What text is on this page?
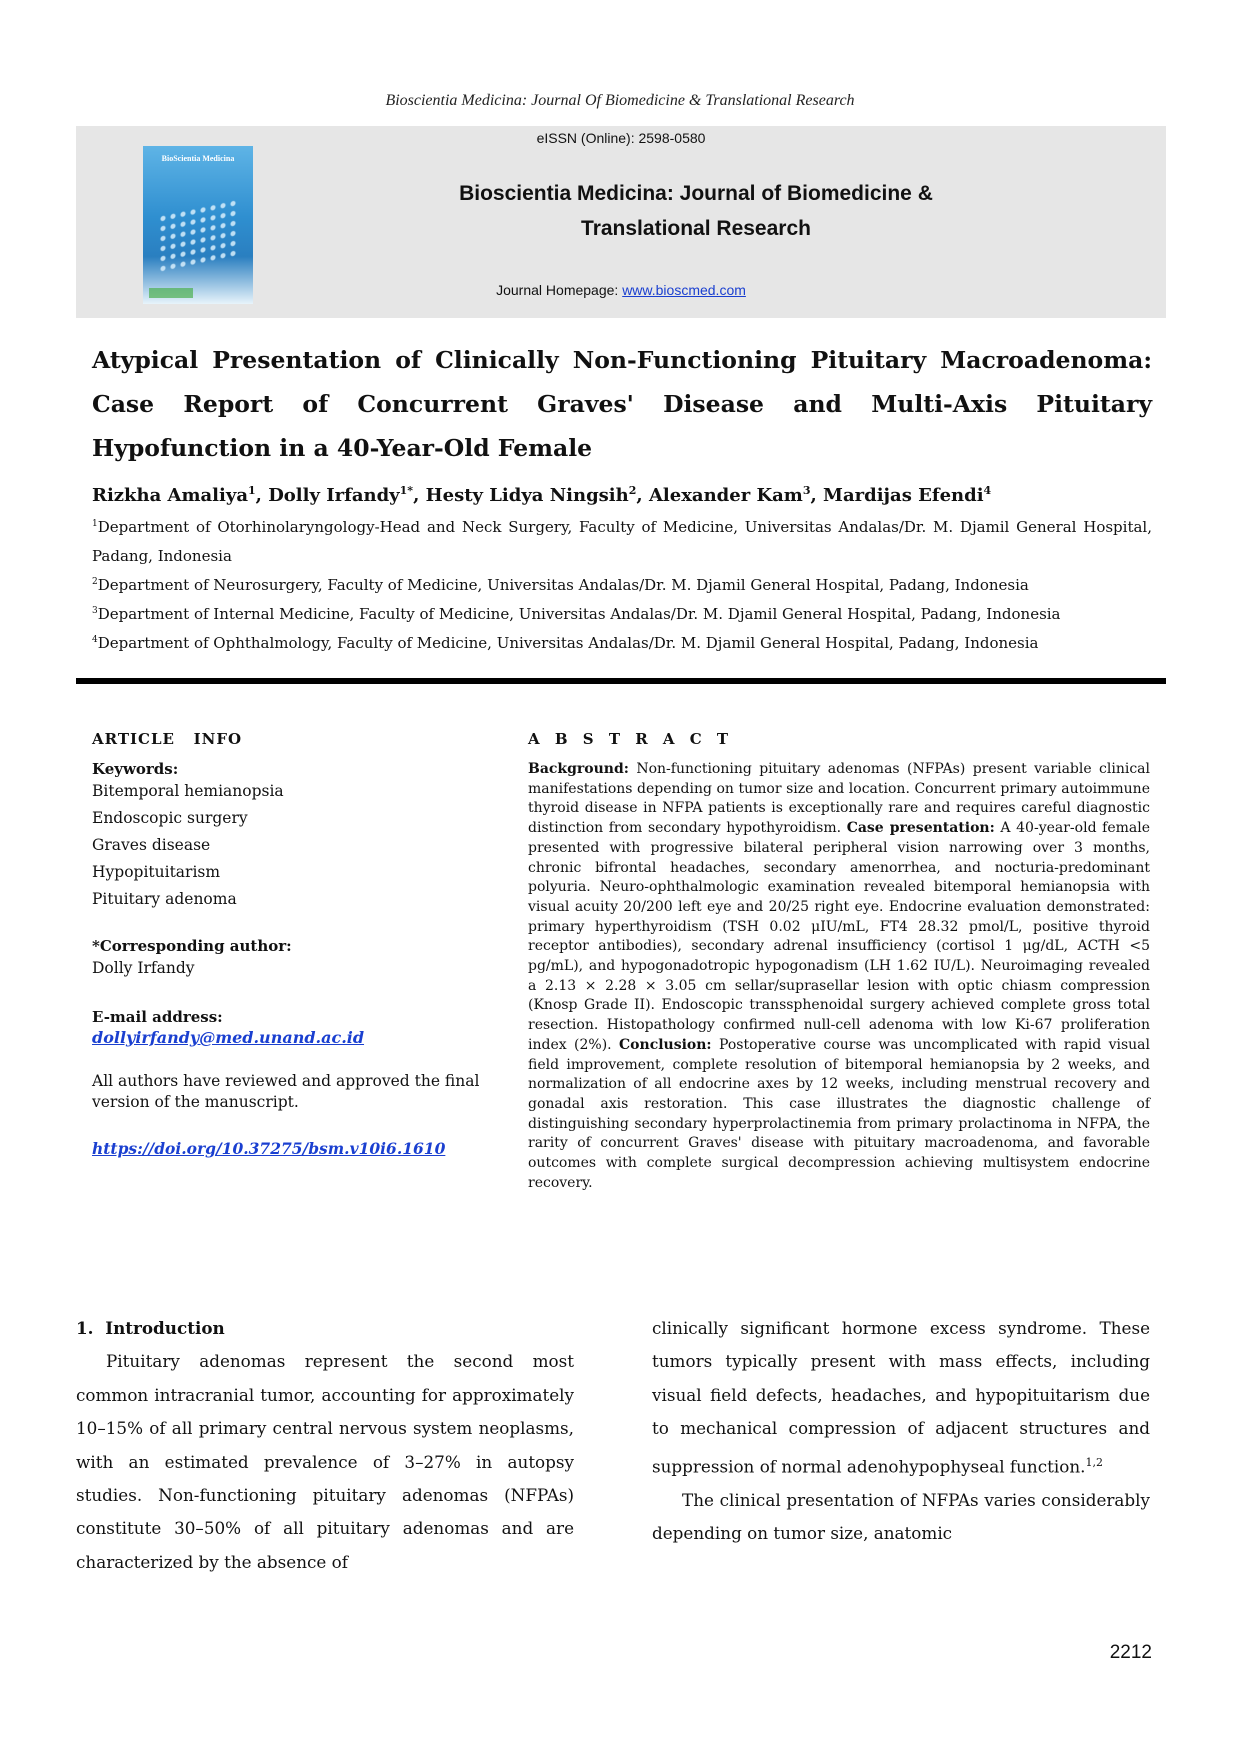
Bioscientia Medicina: Journal Of Biomedicine & Translational Research
eISSN (Online): 2598-0580
BioScientia Medicina
Bioscientia Medicina: Journal of Biomedicine &
Translational Research
Journal Homepage: www.bioscmed.com
Atypical Presentation of Clinically Non-Functioning Pituitary Macroadenoma: Case Report of Concurrent Graves' Disease and Multi-Axis Pituitary Hypofunction in a 40-Year-Old Female
Rizkha Amaliya$^1$, Dolly Irfandy$^{1*}$, Hesty Lidya Ningsih$^2$, Alexander Kam$^3$, Mardijas Efendi$^4$
$^1$Department of Otorhinolaryngology-Head and Neck Surgery, Faculty of Medicine, Universitas Andalas/Dr. M. Djamil General Hospital, Padang, Indonesia
$^2$Department of Neurosurgery, Faculty of Medicine, Universitas Andalas/Dr. M. Djamil General Hospital, Padang, Indonesia
$^3$Department of Internal Medicine, Faculty of Medicine, Universitas Andalas/Dr. M. Djamil General Hospital, Padang, Indonesia
$^4$Department of Ophthalmology, Faculty of Medicine, Universitas Andalas/Dr. M. Djamil General Hospital, Padang, Indonesia
ARTICLE   INFO
Keywords:
Bitemporal hemianopsia
Endoscopic surgery
Graves disease
Hypopituitarism
Pituitary adenoma
*Corresponding author:
Dolly Irfandy
E-mail address:
dollyirfandy@med.unand.ac.id
All authors have reviewed and approved the final version of the manuscript.
https://doi.org/10.37275/bsm.v10i6.1610
A B S T R A C T
Background: Non-functioning pituitary adenomas (NFPAs) present variable clinical manifestations depending on tumor size and location. Concurrent primary autoimmune thyroid disease in NFPA patients is exceptionally rare and requires careful diagnostic distinction from secondary hypothyroidism. Case presentation: A 40-year-old female presented with progressive bilateral peripheral vision narrowing over 3 months, chronic bifrontal headaches, secondary amenorrhea, and nocturia-predominant polyuria. Neuro-ophthalmologic examination revealed bitemporal hemianopsia with visual acuity 20/200 left eye and 20/25 right eye. Endocrine evaluation demonstrated: primary hyperthyroidism (TSH 0.02 μIU/mL, FT4 28.32 pmol/L, positive thyroid receptor antibodies), secondary adrenal insufficiency (cortisol 1 μg/dL, ACTH <5 pg/mL), and hypogonadotropic hypogonadism (LH 1.62 IU/L). Neuroimaging revealed a 2.13 × 2.28 × 3.05 cm sellar/suprasellar lesion with optic chiasm compression (Knosp Grade II). Endoscopic transsphenoidal surgery achieved complete gross total resection. Histopathology confirmed null-cell adenoma with low Ki-67 proliferation index (2%). Conclusion: Postoperative course was uncomplicated with rapid visual field improvement, complete resolution of bitemporal hemianopsia by 2 weeks, and normalization of all endocrine axes by 12 weeks, including menstrual recovery and gonadal axis restoration. This case illustrates the diagnostic challenge of distinguishing secondary hyperprolactinemia from primary prolactinoma in NFPA, the rarity of concurrent Graves' disease with pituitary macroadenoma, and favorable outcomes with complete surgical decompression achieving multisystem endocrine recovery.
1. Introduction
Pituitary adenomas represent the second most common intracranial tumor, accounting for approximately 10–15% of all primary central nervous system neoplasms, with an estimated prevalence of 3–27% in autopsy studies. Non-functioning pituitary adenomas (NFPAs) constitute 30–50% of all pituitary adenomas and are characterized by the absence of
clinically significant hormone excess syndrome. These tumors typically present with mass effects, including visual field defects, headaches, and hypopituitarism due to mechanical compression of adjacent structures and suppression of normal adenohypophyseal function.$^{1,2}$
The clinical presentation of NFPAs varies considerably depending on tumor size, anatomic
2212
